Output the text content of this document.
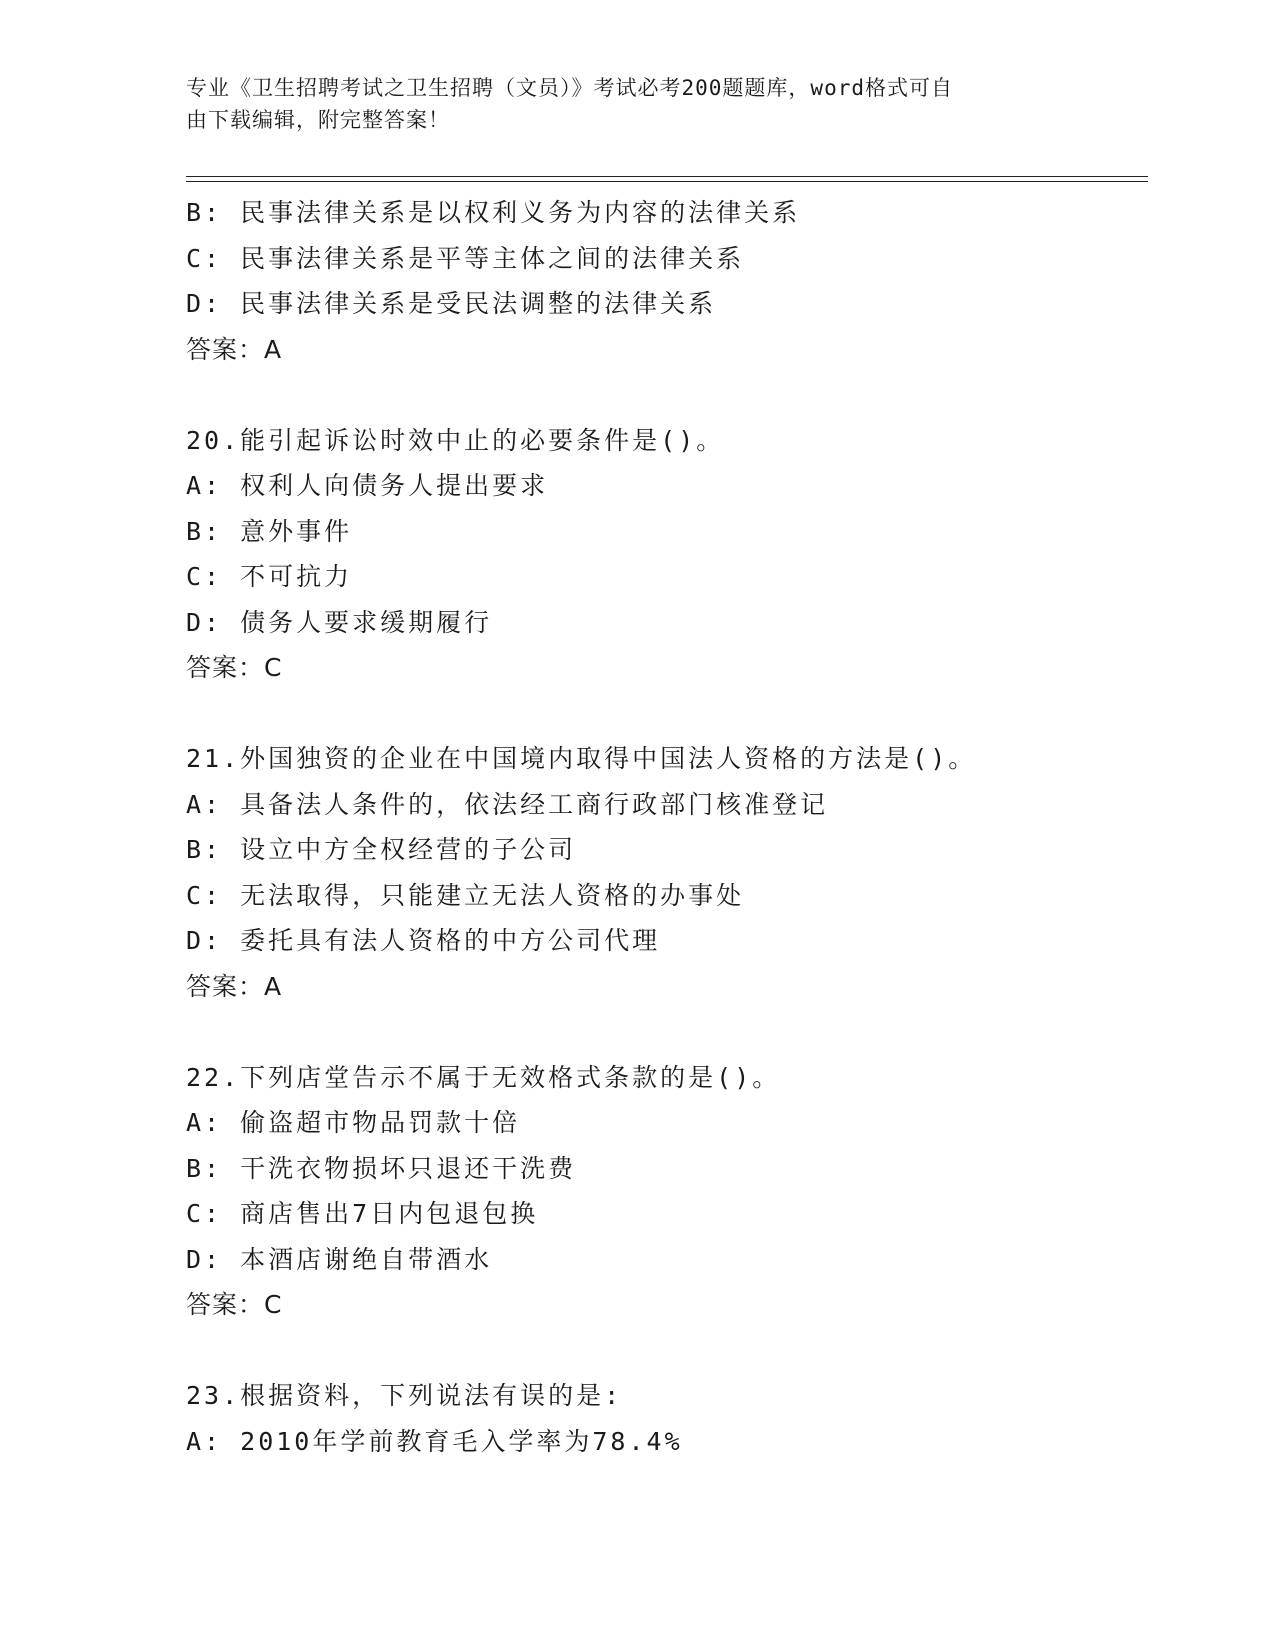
专业《卫生招聘考试之卫生招聘（文员）》考试必考200题题库，word格式可自
由下载编辑，附完整答案！
B: 民事法律关系是以权利义务为内容的法律关系
C: 民事法律关系是平等主体之间的法律关系
D: 民事法律关系是受民法调整的法律关系
答案：A
20.能引起诉讼时效中止的必要条件是()。
A: 权利人向债务人提出要求
B: 意外事件
C: 不可抗力
D: 债务人要求缓期履行
答案：C
21.外国独资的企业在中国境内取得中国法人资格的方法是()。
A: 具备法人条件的，依法经工商行政部门核准登记
B: 设立中方全权经营的子公司
C: 无法取得，只能建立无法人资格的办事处
D: 委托具有法人资格的中方公司代理
答案：A
22.下列店堂告示不属于无效格式条款的是()。
A: 偷盗超市物品罚款十倍
B: 干洗衣物损坏只退还干洗费
C: 商店售出7日内包退包换
D: 本酒店谢绝自带酒水
答案：C
23.根据资料，下列说法有误的是:
A: 2010年学前教育毛入学率为78.4%
